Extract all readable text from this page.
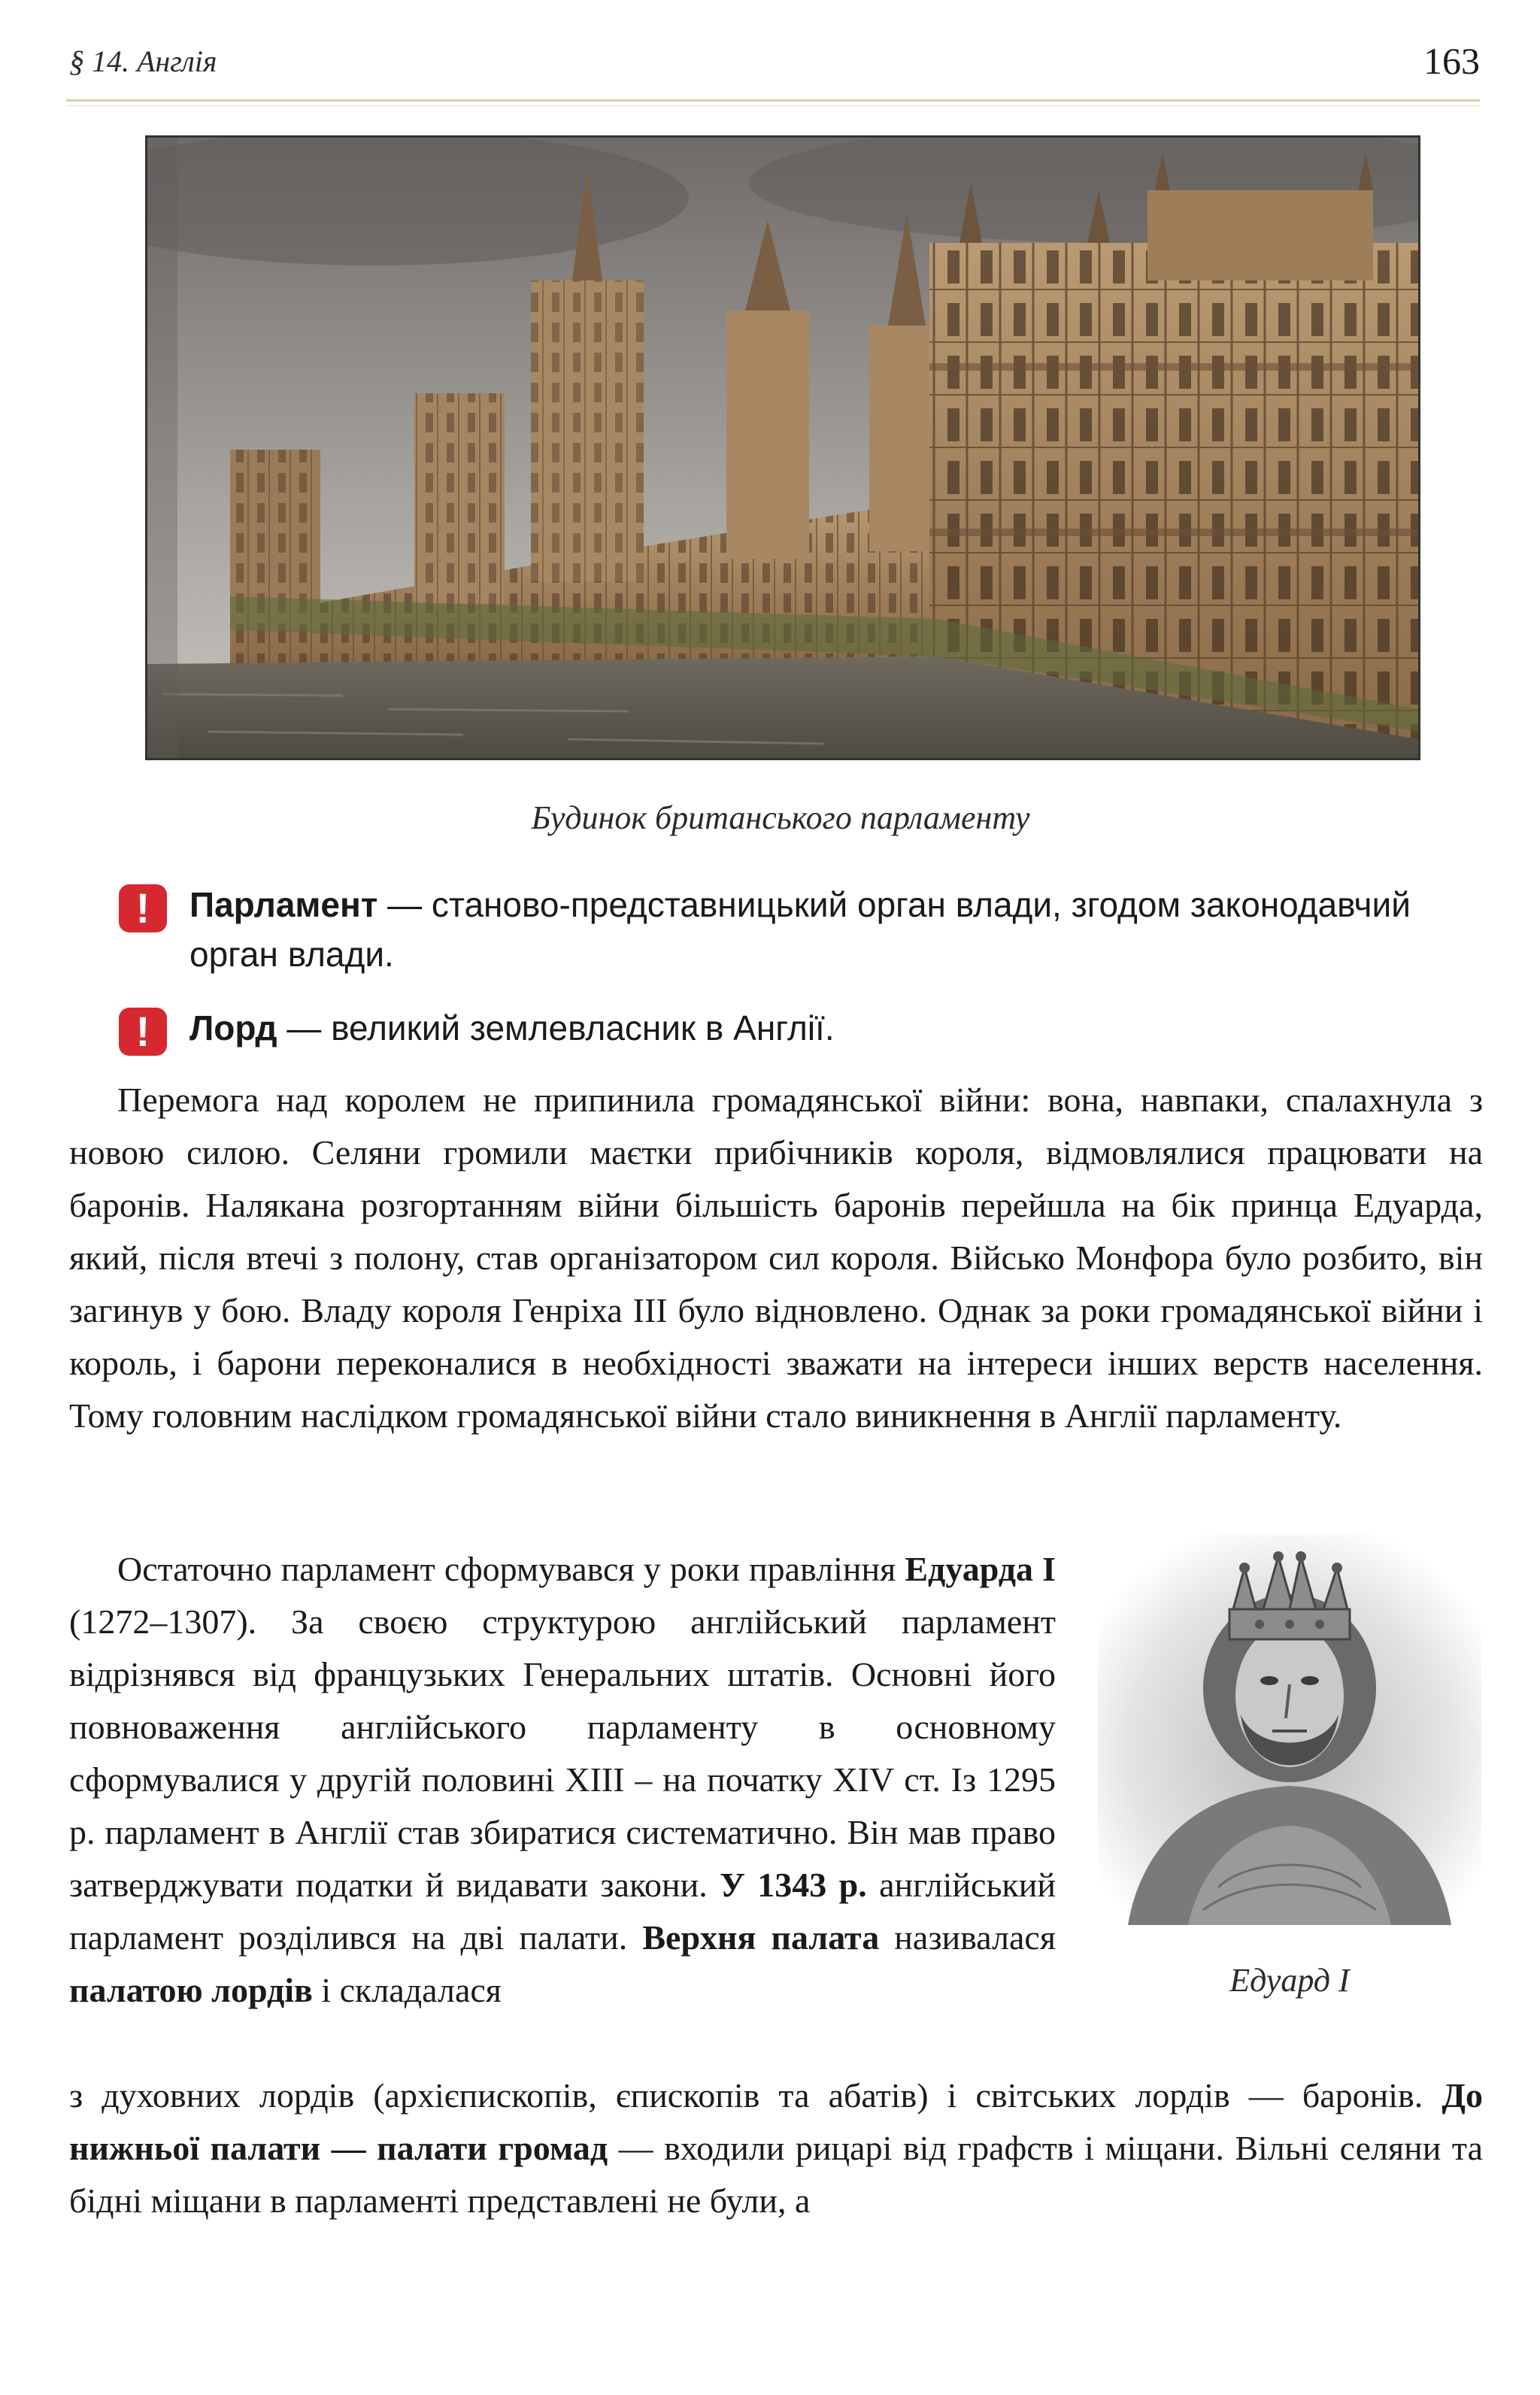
§ 14. Англія	163
Будинок британського парламенту
!	Парламент — станово-представницький орган влади, згодом законодавчий орган влади.
!	Лорд — великий землевласник в Англії.

Перемога над королем не припинила громадянської війни: вона, навпаки, спалахнула з новою силою. Селяни громили маєтки прибічників короля, відмовлялися працювати на баронів. Налякана розгортанням війни більшість баронів перейшла на бік принца Едуарда, який, після втечі з полону, став організатором сил короля. Військо Монфора було розбито, він загинув у бою. Владу короля Генріха III було відновлено. Однак за роки громадянської війни і король, і барони переконалися в необхідності зважати на інтереси інших верств населення. Тому головним наслідком громадянської війни стало виникнення в Англії парламенту.

Остаточно парламент сформувався у роки правління Едуарда I (1272–1307). За своєю структурою англійський парламент відрізнявся від французьких Генеральних штатів. Основні його повноваження англійського парламенту в основному сформувалися у другій половині XIII – на початку XIV ст. Із 1295 р. парламент в Англії став збиратися систематично. Він мав право затверджувати податки й видавати закони. У 1343 р. англійський парламент розділився на дві палати. Верхня палата називалася палатою лордів і складалася	Едуард I

з духовних лордів (архієпископів, єпископів та абатів) і світських лордів — баронів. До нижньої палати — палати громад — входили рицарі від графств і міщани. Вільні селяни та бідні міщани в парламенті представлені не були, а
